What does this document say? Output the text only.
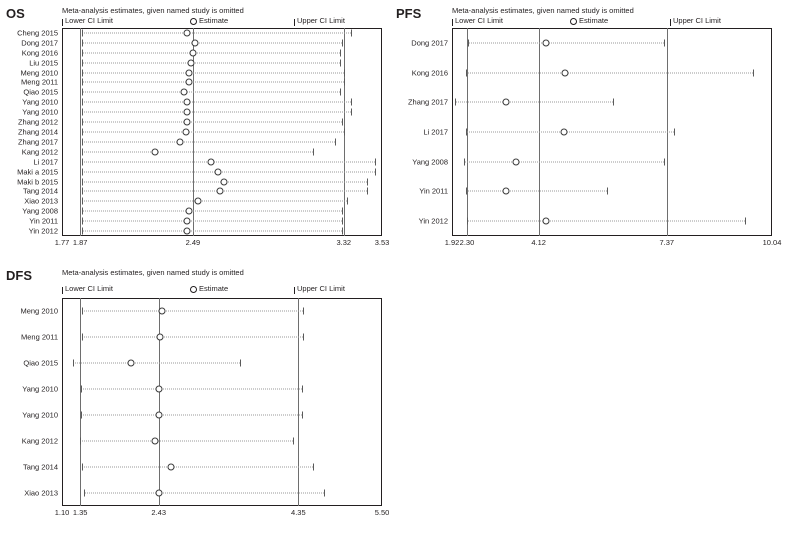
OS	Meta-analysis estimates, given named study is omitted
Lower CI Limit	Estimate	Upper CI Limit
Cheng 2015
Dong 2017
Kong 2016
Liu 2015
Meng 2010
Meng 2011
Qiao 2015
Yang 2010
Yang 2010
Zhang 2012
Zhang 2014
Zhang 2017
Kang 2012
Li 2017
Maki a 2015
Maki b 2015
Tang 2014
Xiao 2013
Yang 2008
Yin 2011
Yin 2012
1.77 1.87	2.49	3.32	3.53
PFS	Meta-analysis estimates, given named study is omitted
Lower CI Limit	Estimate	Upper CI Limit
Dong 2017
Kong 2016
Zhang 2017
Li 2017
Yang 2008
Yin 2011
Yin 2012
1.92 2.30	4.12	7.37	10.04
DFS	Meta-analysis estimates, given named study is omitted
Lower CI Limit	Estimate	Upper CI Limit
Meng 2010
Meng 2011
Qiao 2015
Yang 2010
Yang 2010
Kang 2012
Tang 2014
Xiao 2013
1.10 1.35	2.43	4.35	5.50
